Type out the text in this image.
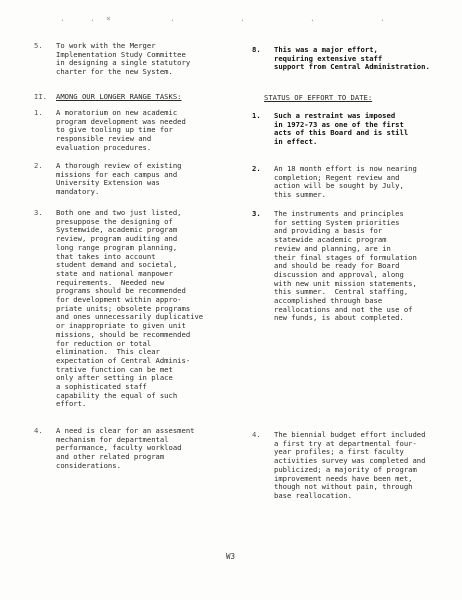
.	. ×	.	.	.	.
5.	To work with the Merger
Implementation Study Committee
in designing a single statutory
charter for the new System.
II.	AMONG OUR LONGER RANGE TASKS:
1.	A moratorium on new academic
program development was needed
to give tooling up time for
responsible review and
evaluation procedures.
2.	A thorough review of existing
missions for each campus and
University Extension was
mandatory.
3.	Both one and two just listed,
presuppose the designing of
Systemwide, academic program
review, program auditing and
long range program planning,
that takes into account
student demand and societal,
state and national manpower
requirements.  Needed new
programs should be recommended
for development within appro-
priate units; obsolete programs
and ones unnecessarily duplicative
or inappropriate to given unit
missions, should be recommended
for reduction or total
elimination.  This clear
expectation of Central Adminis-
trative function can be met
only after setting in place
a sophisticated staff
capability the equal of such
effort.
4.	A need is clear for an assesment
mechanism for departmental
performance, faculty workload
and other related program
considerations.
8.	This was a major effort,
requiring extensive staff
support from Central Administration.
STATUS OF EFFORT TO DATE:
1.	Such a restraint was imposed
in 1972-73 as one of the first
acts of this Board and is still
in effect.
2.	An 18 month effort is now nearing
completion; Regent review and
action will be sought by July,
this summer.
3.	The instruments and principles
for setting System priorities
and providing a basis for
statewide academic program
review and planning, are in
their final stages of formulation
and should be ready for Board
discussion and approval, along
with new unit mission statements,
this summer.  Central staffing,
accomplished through base
reallocations and not the use of
new funds, is about completed.
4.	The biennial budget effort included
a first try at departmental four-
year profiles; a first faculty
activities survey was completed and
publicized; a majority of program
improvement needs have been met,
though not without pain, through
base reallocation.
W3
